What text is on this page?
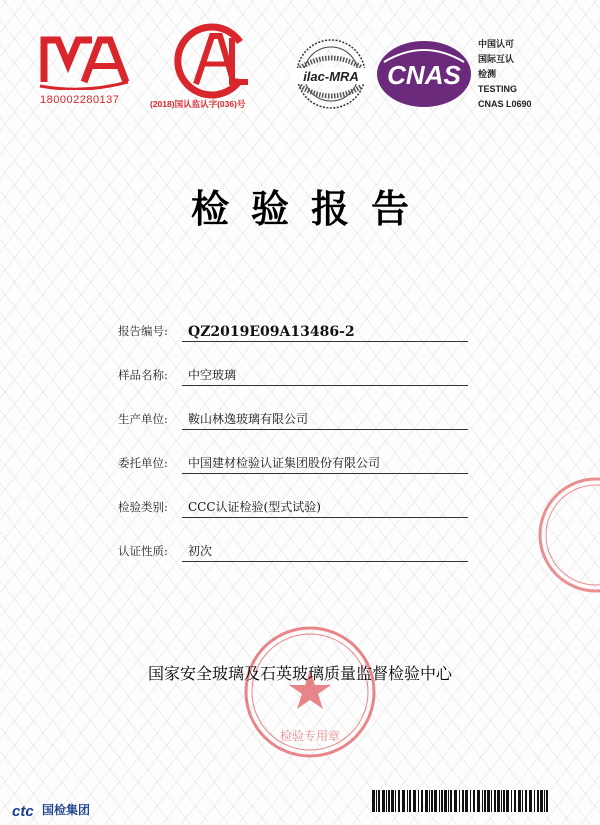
180002280137	(2018)国认监认字(036)号
ilac-MRA CNAS
中国认可
国际互认
检测
TESTING
CNAS L0690
检验报告
报告编号: QZ2019E09A13486-2
样品名称: 中空玻璃
生产单位: 鞍山林逸玻璃有限公司
委托单位: 中国建材检验认证集团股份有限公司
检验类别: CCC认证检验(型式试验)
认证性质: 初次
检验专用章
国家安全玻璃及石英玻璃质量监督检验中心
ctc 国检集团
